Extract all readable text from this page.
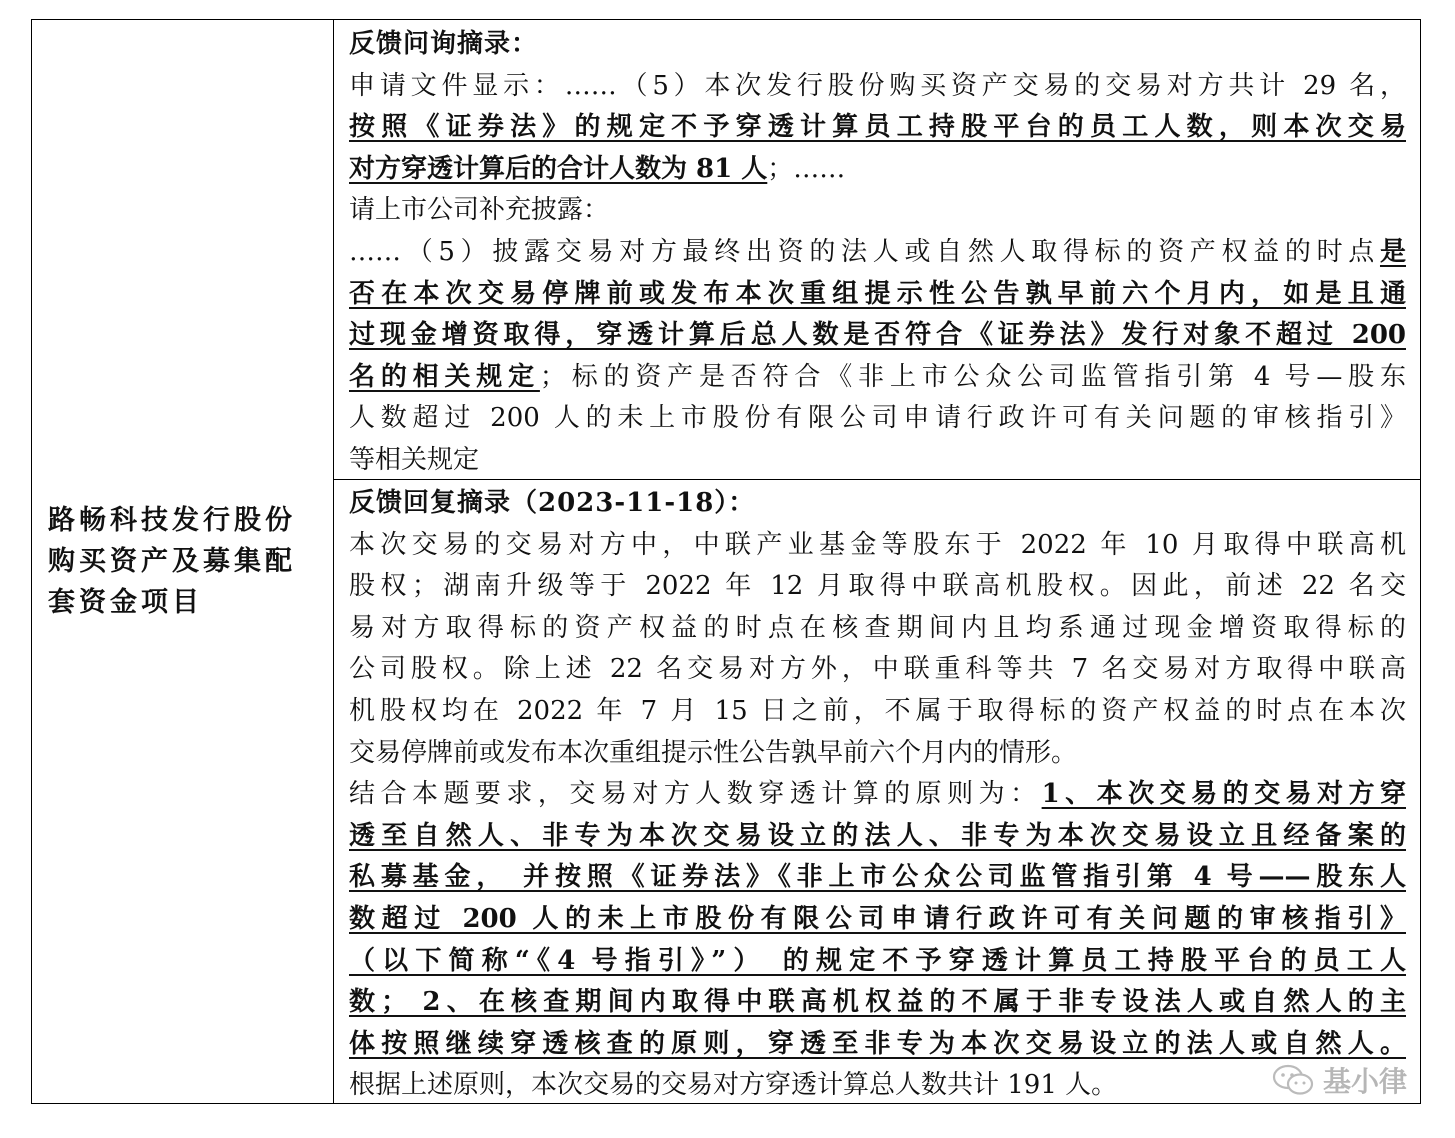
路畅科技发行股份购买资产及募集配套资金项目
反馈问询摘录：
申请文件显示：……（5）本次发行股份购买资产交易的交易对方共计 29 名，
按照《证券法》的规定不予穿透计算员工持股平台的员工人数，则本次交易
对方穿透计算后的合计人数为 81 人；……
请上市公司补充披露：
……（5）披露交易对方最终出资的法人或自然人取得标的资产权益的时点是
否在本次交易停牌前或发布本次重组提示性公告孰早前六个月内，如是且通
过现金增资取得，穿透计算后总人数是否符合《证券法》发行对象不超过 200
名的相关规定；标的资产是否符合《非上市公众公司监管指引第 4 号—股东
人数超过 200 人的未上市股份有限公司申请行政许可有关问题的审核指引》
等相关规定
反馈回复摘录（2023-11-18）：
本次交易的交易对方中，中联产业基金等股东于 2022 年 10 月取得中联高机
股权；湖南升级等于 2022 年 12 月取得中联高机股权。因此，前述 22 名交
易对方取得标的资产权益的时点在核查期间内且均系通过现金增资取得标的
公司股权。除上述 22 名交易对方外，中联重科等共 7 名交易对方取得中联高
机股权均在 2022 年 7 月 15 日之前，不属于取得标的资产权益的时点在本次
交易停牌前或发布本次重组提示性公告孰早前六个月内的情形。
结合本题要求，交易对方人数穿透计算的原则为：1、本次交易的交易对方穿
透至自然人、非专为本次交易设立的法人、非专为本次交易设立且经备案的
私募基金， 并按照《证券法》《非上市公众公司监管指引第 4 号——股东人
数超过 200 人的未上市股份有限公司申请行政许可有关问题的审核指引》
（以下简称“《4 号指引》”） 的规定不予穿透计算员工持股平台的员工人
数； 2、在核查期间内取得中联高机权益的不属于非专设法人或自然人的主
体按照继续穿透核查的原则，穿透至非专为本次交易设立的法人或自然人。
根据上述原则，本次交易的交易对方穿透计算总人数共计 191 人。	基小律
